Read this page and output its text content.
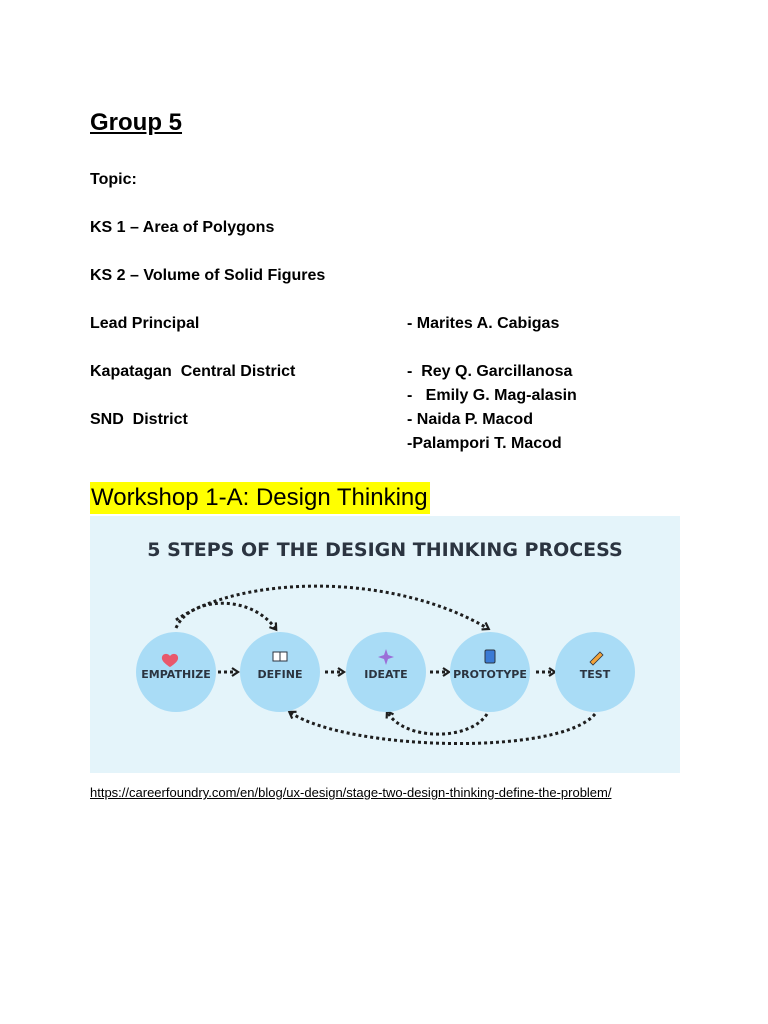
Group 5
Topic:
KS 1 – Area of Polygons
KS 2 – Volume of Solid Figures
Lead Principal	- Marites A. Cabigas
Kapatagan  Central District	-  Rey Q. Garcillanosa
-   Emily G. Mag-alasin
SND  District	- Naida P. Macod
-Palampori T. Macod
Workshop 1-A: Design Thinking
5 STEPS OF THE DESIGN THINKING PROCESS
EMPATHIZE	DEFINE	IDEATE	PROTOTYPE	TEST
https://careerfoundry.com/en/blog/ux-design/stage-two-design-thinking-define-the-problem/
